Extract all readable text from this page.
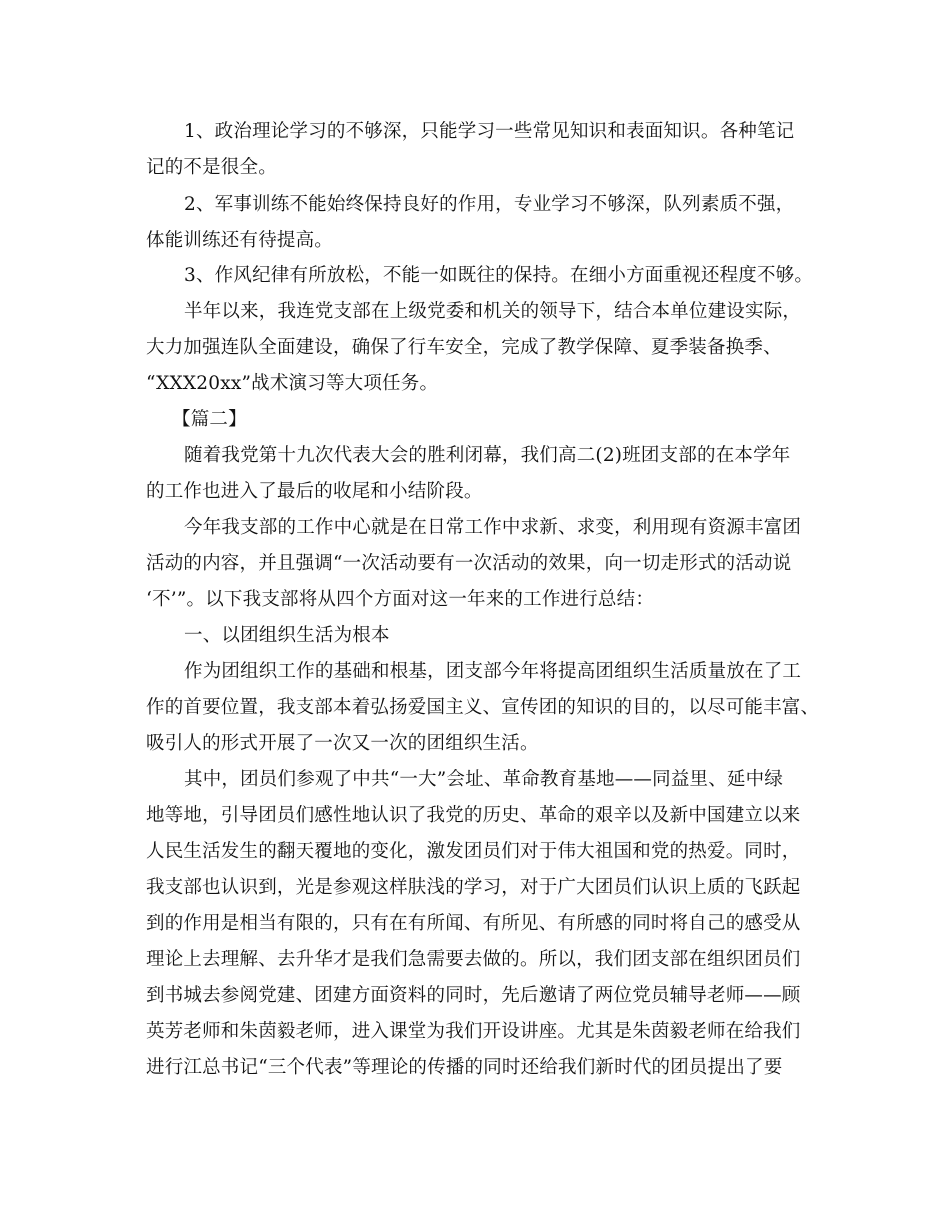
1、政治理论学习的不够深，只能学习一些常见知识和表面知识。各种笔记
记的不是很全。
2、军事训练不能始终保持良好的作用，专业学习不够深，队列素质不强，
体能训练还有待提高。
3、作风纪律有所放松，不能一如既往的保持。在细小方面重视还程度不够。
半年以来，我连党支部在上级党委和机关的领导下，结合本单位建设实际，
大力加强连队全面建设，确保了行车安全，完成了教学保障、夏季装备换季、
“XXX20xx”战术演习等大项任务。
【篇二】
随着我党第十九次代表大会的胜利闭幕，我们高二(2)班团支部的在本学年
的工作也进入了最后的收尾和小结阶段。
今年我支部的工作中心就是在日常工作中求新、求变，利用现有资源丰富团
活动的内容，并且强调“一次活动要有一次活动的效果，向一切走形式的活动说
‘不’”。以下我支部将从四个方面对这一年来的工作进行总结：
一、以团组织生活为根本
作为团组织工作的基础和根基，团支部今年将提高团组织生活质量放在了工
作的首要位置，我支部本着弘扬爱国主义、宣传团的知识的目的，以尽可能丰富、
吸引人的形式开展了一次又一次的团组织生活。
其中，团员们参观了中共“一大”会址、革命教育基地——同益里、延中绿
地等地，引导团员们感性地认识了我党的历史、革命的艰辛以及新中国建立以来
人民生活发生的翻天覆地的变化，激发团员们对于伟大祖国和党的热爱。同时，
我支部也认识到，光是参观这样肤浅的学习，对于广大团员们认识上质的飞跃起
到的作用是相当有限的，只有在有所闻、有所见、有所感的同时将自己的感受从
理论上去理解、去升华才是我们急需要去做的。所以，我们团支部在组织团员们
到书城去参阅党建、团建方面资料的同时，先后邀请了两位党员辅导老师——顾
英芳老师和朱茵毅老师，进入课堂为我们开设讲座。尤其是朱茵毅老师在给我们
进行江总书记“三个代表”等理论的传播的同时还给我们新时代的团员提出了要
